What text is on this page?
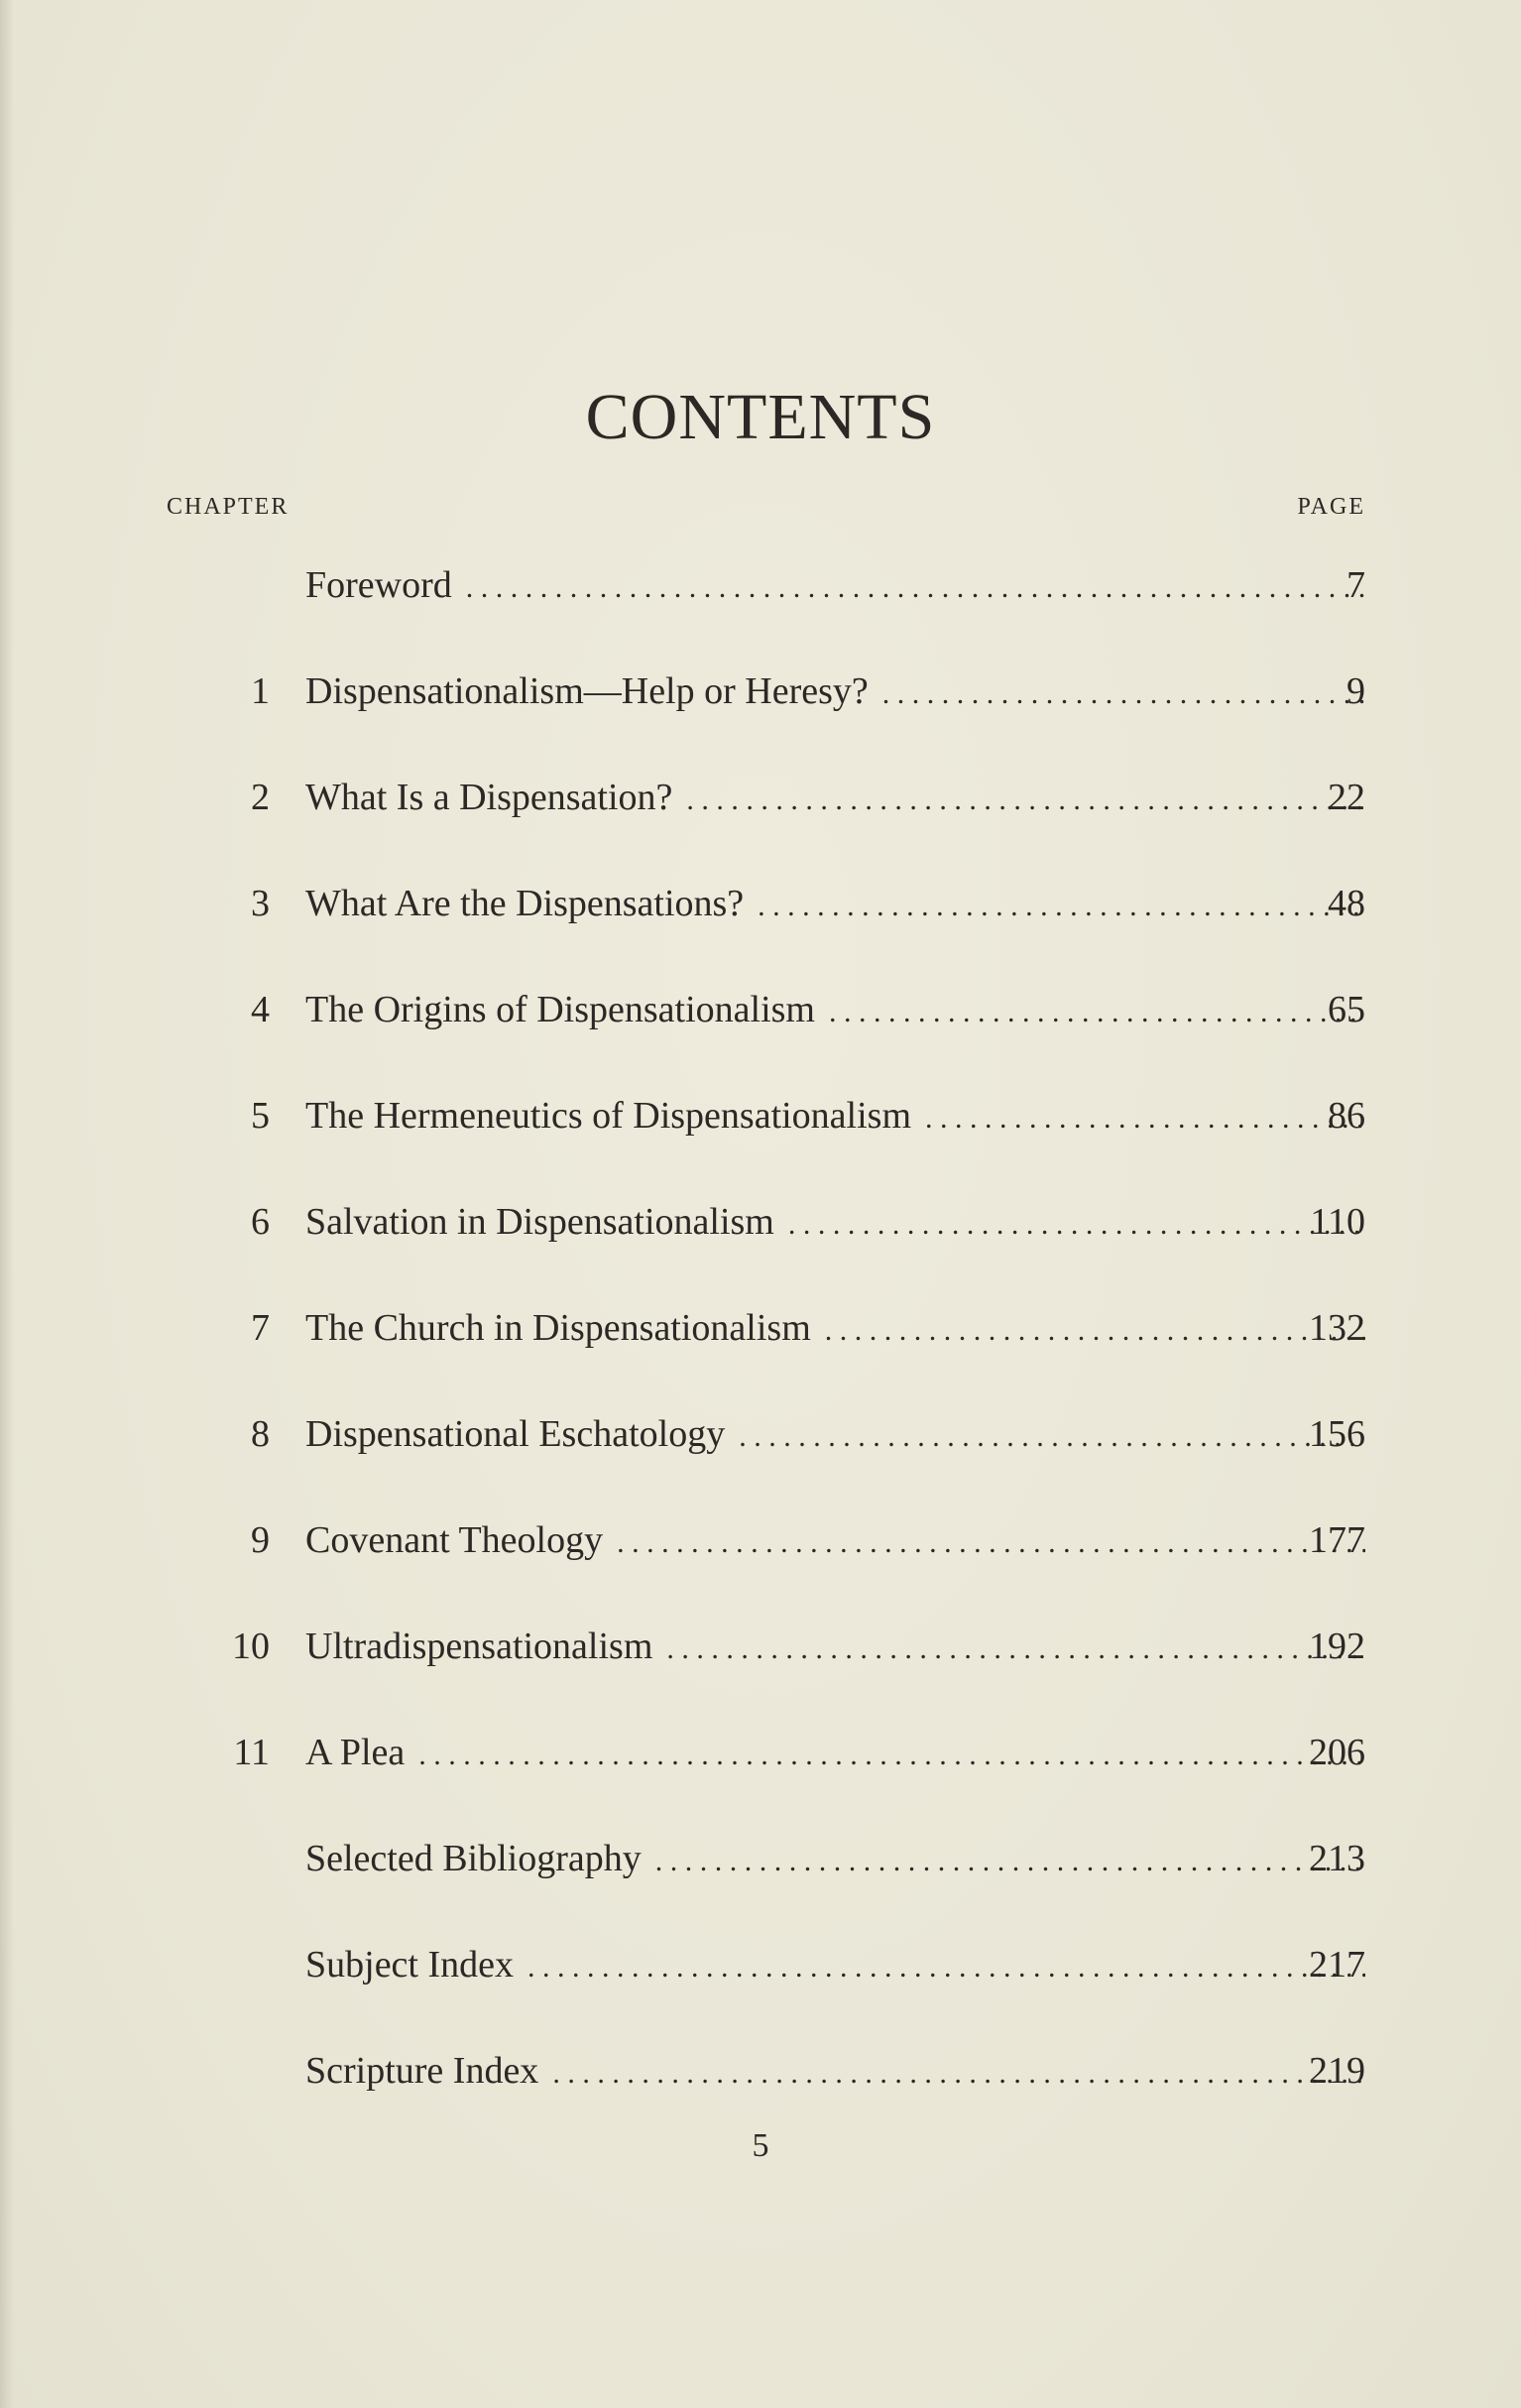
CONTENTS
CHAPTER	PAGE
Foreword . . .	7
1 Dispensationalism—Help or Heresy? . . .	9
2 What Is a Dispensation? . . .	22
3 What Are the Dispensations? . . .	48
4 The Origins of Dispensationalism . . .	65
5 The Hermeneutics of Dispensationalism . . .	86
6 Salvation in Dispensationalism . . .	110
7 The Church in Dispensationalism . . .	132
8 Dispensational Eschatology . . .	156
9 Covenant Theology . . .	177
10 Ultradispensationalism . . .	192
11 A Plea . . .	206
Selected Bibliography . . .	213
Subject Index . . .	217
Scripture Index . . .	219
5
